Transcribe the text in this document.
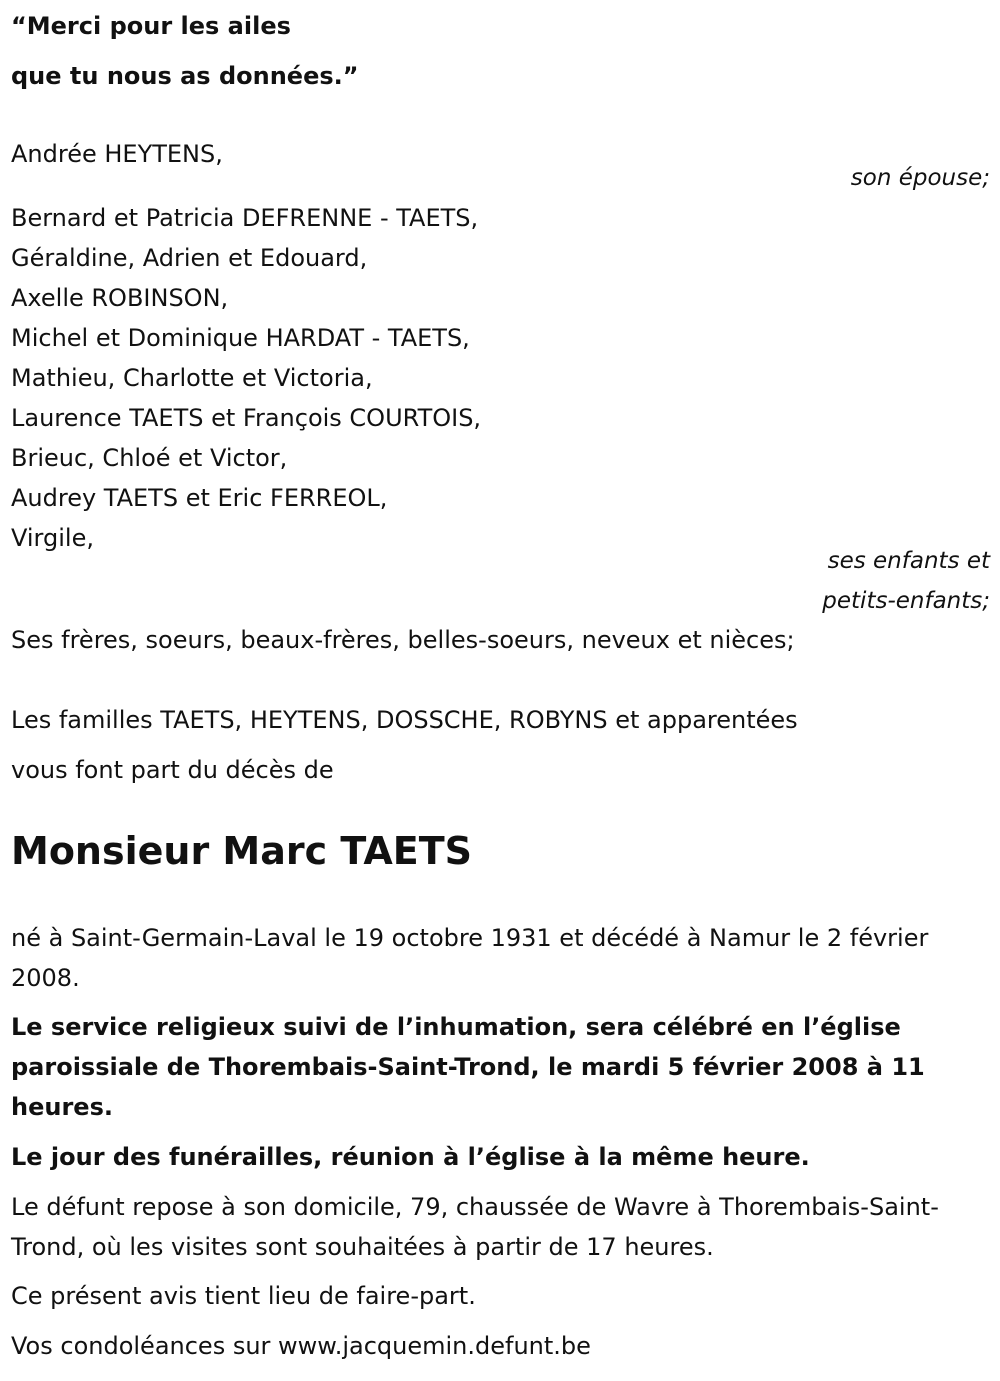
“Merci pour les ailes
que tu nous as données.”
Andrée HEYTENS,
son épouse;
Bernard et Patricia DEFRENNE - TAETS,
Géraldine, Adrien et Edouard,
Axelle ROBINSON,
Michel et Dominique HARDAT - TAETS,
Mathieu, Charlotte et Victoria,
Laurence TAETS et François COURTOIS,
Brieuc, Chloé et Victor,
Audrey TAETS et Eric FERREOL,
Virgile,
ses enfants et
petits-enfants;
Ses frères, soeurs, beaux-frères, belles-soeurs, neveux et nièces;
Les familles TAETS, HEYTENS, DOSSCHE, ROBYNS et apparentées
vous font part du décès de
Monsieur Marc TAETS

né à Saint-Germain-Laval le 19 octobre 1931 et décédé à Namur le 2 février 2008.

Le service religieux suivi de l’inhumation, sera célébré en l’église paroissiale de Thorembais-Saint-Trond, le mardi 5 février 2008 à 11 heures.

Le jour des funérailles, réunion à l’église à la même heure.

Le défunt repose à son domicile, 79, chaussée de Wavre à Thorembais-Saint-Trond, où les visites sont souhaitées à partir de 17 heures.

Ce présent avis tient lieu de faire-part.

Vos condoléances sur www.jacquemin.defunt.be
